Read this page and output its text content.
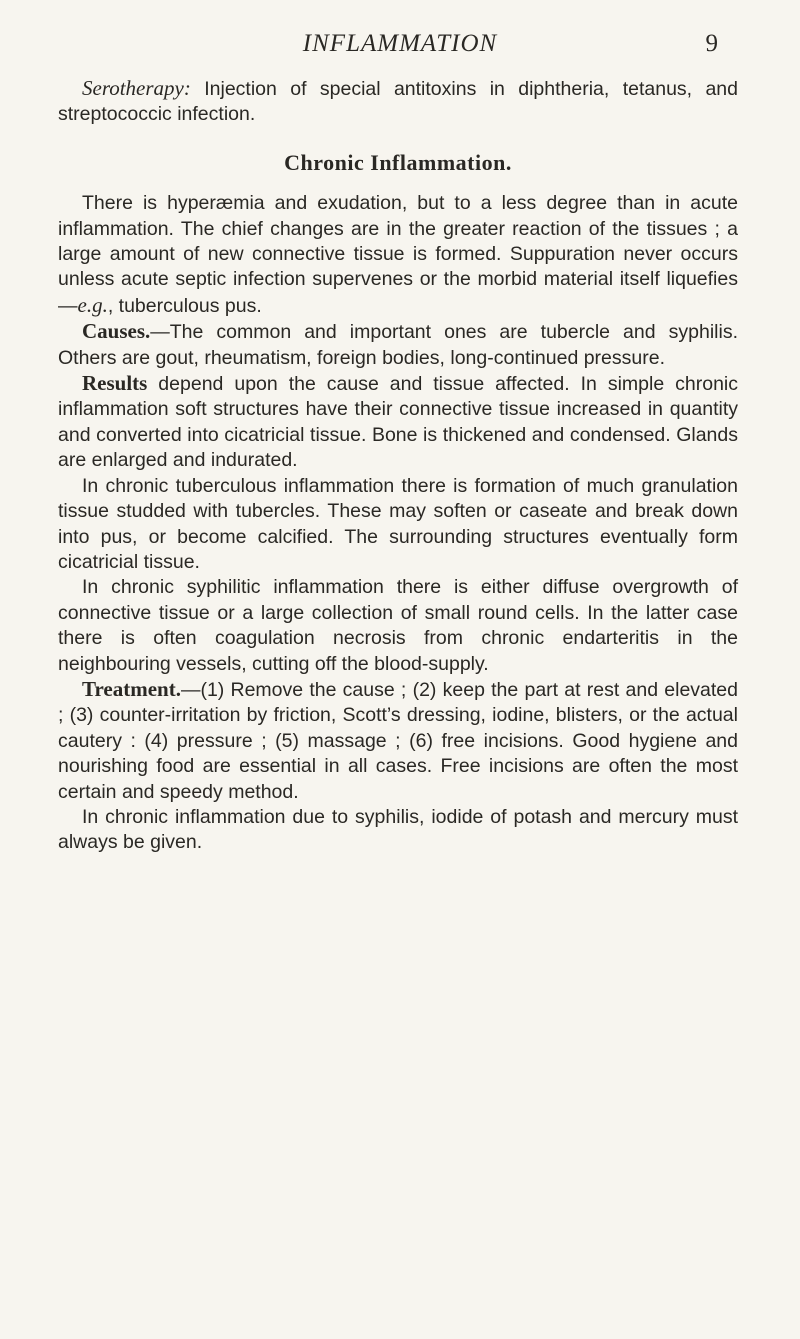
INFLAMMATION	9

Serotherapy: Injection of special antitoxins in diphtheria, tetanus, and streptococcic infection.

Chronic Inflammation.

There is hyperæmia and exudation, but to a less degree than in acute inflammation. The chief changes are in the greater reaction of the tissues ; a large amount of new connective tissue is formed. Suppuration never occurs unless acute septic infection supervenes or the morbid material itself liquefies—e.g., tuberculous pus.

Causes.—The common and important ones are tubercle and syphilis. Others are gout, rheumatism, foreign bodies, long-continued pressure.

Results depend upon the cause and tissue affected. In simple chronic inflammation soft structures have their connective tissue increased in quantity and converted into cicatricial tissue. Bone is thickened and condensed. Glands are enlarged and indurated.

In chronic tuberculous inflammation there is formation of much granulation tissue studded with tubercles. These may soften or caseate and break down into pus, or become calcified. The surrounding structures eventually form cicatricial tissue.

In chronic syphilitic inflammation there is either diffuse overgrowth of connective tissue or a large collection of small round cells. In the latter case there is often coagulation necrosis from chronic endarteritis in the neighbouring vessels, cutting off the blood-supply.

Treatment.—(1) Remove the cause ; (2) keep the part at rest and elevated ; (3) counter-irritation by friction, Scott’s dressing, iodine, blisters, or the actual cautery : (4) pressure ; (5) massage ; (6) free incisions. Good hygiene and nourishing food are essential in all cases. Free incisions are often the most certain and speedy method.

In chronic inflammation due to syphilis, iodide of potash and mercury must always be given.
